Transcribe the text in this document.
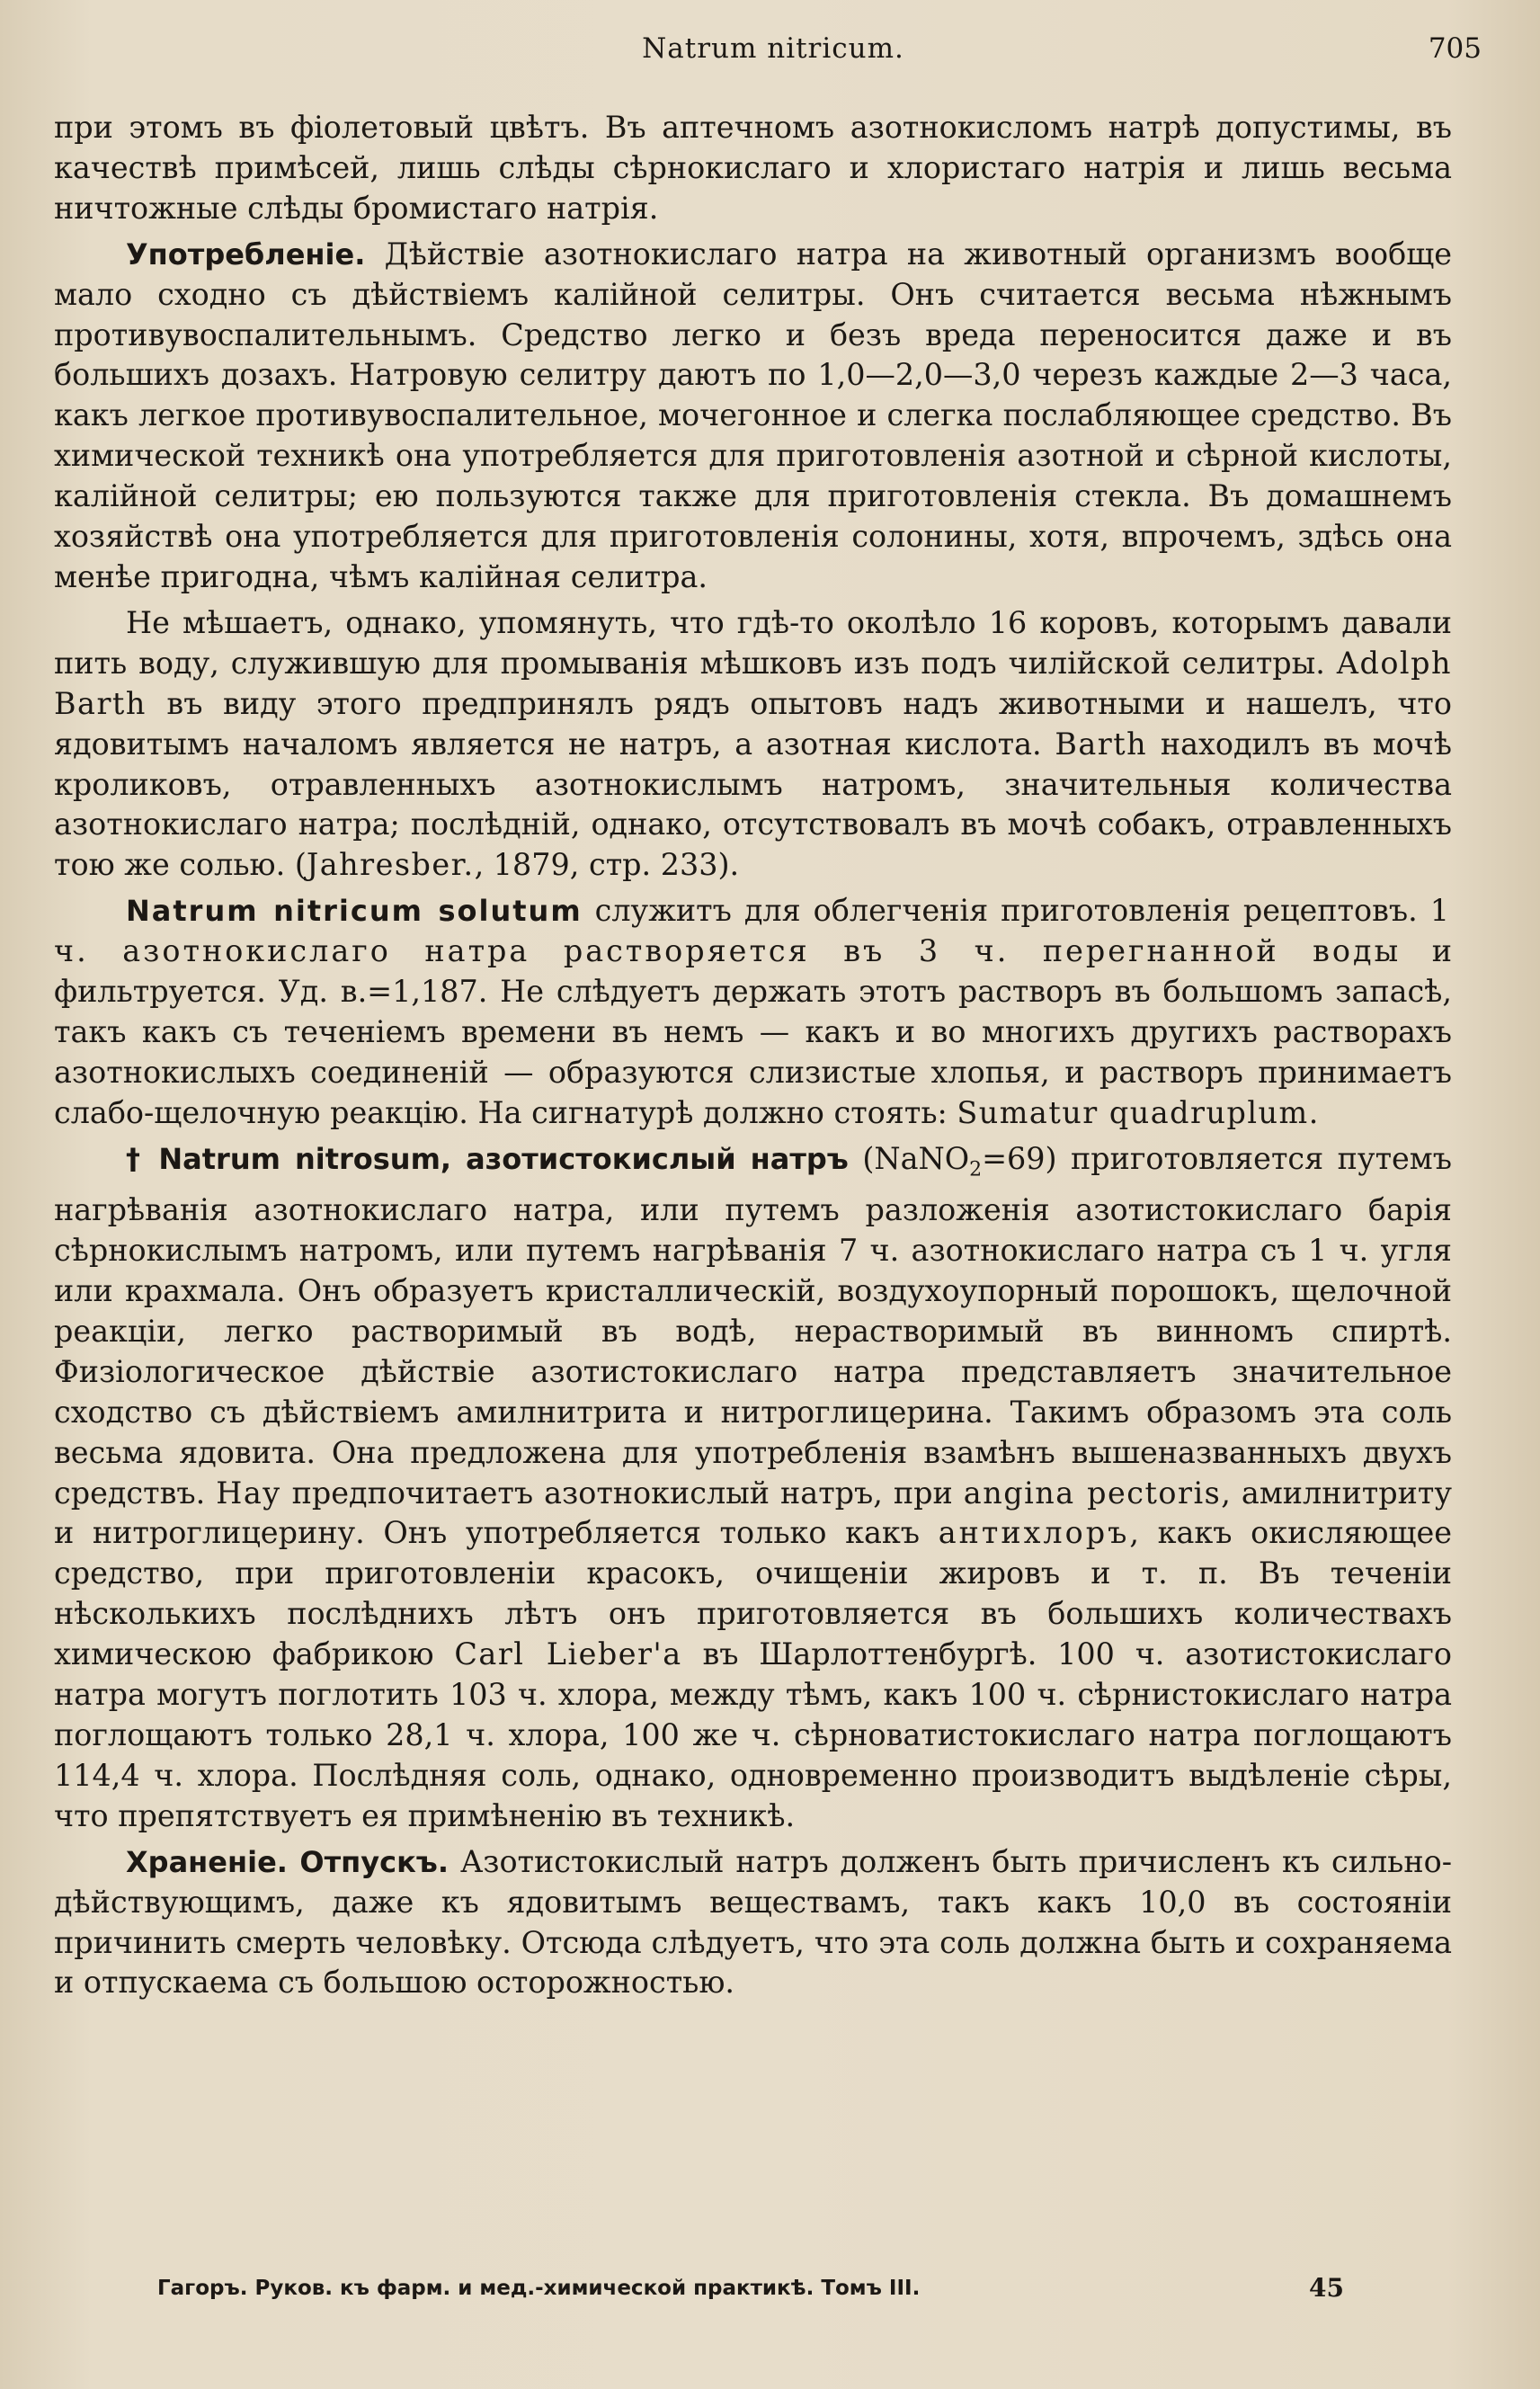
Natrum nitricum.	705

при этомъ въ фіолетовый цвѣтъ. Въ аптечномъ азотнокисломъ натрѣ допустимы, въ качествѣ примѣсей, лишь слѣды сѣрнокислаго и хлористаго натрія и лишь весьма ничтожные слѣды бромистаго натрія.

Употребленіе. Дѣйствіе азотнокислаго натра на животный организмъ вообще мало сходно съ дѣйствіемъ калійной селитры. Онъ считается весьма нѣжнымъ противувоспалительнымъ. Средство легко и безъ вреда переносится даже и въ большихъ дозахъ. Натровую селитру даютъ по 1,0—2,0—3,0 черезъ каждые 2—3 часа, какъ легкое противувоспалительное, мочегонное и слегка послабляющее средство. Въ химической техникѣ она употребляется для приготовленія азотной и сѣрной кислоты, калійной селитры; ею пользуются также для приготовленія стекла. Въ домашнемъ хозяйствѣ она употребляется для приготовленія солонины, хотя, впрочемъ, здѣсь она менѣе пригодна, чѣмъ калійная селитра.

Не мѣшаетъ, однако, упомянуть, что гдѣ-то околѣло 16 коровъ, которымъ давали пить воду, служившую для промыванія мѣшковъ изъ подъ чилійской селитры. Adolph Barth въ виду этого предпринялъ рядъ опытовъ надъ животными и нашелъ, что ядовитымъ началомъ является не натръ, а азотная кислота. Barth находилъ въ мочѣ кроликовъ, отравленныхъ азотнокислымъ натромъ, значительныя количества азотнокислаго натра; послѣдній, однако, отсутствовалъ въ мочѣ собакъ, отравленныхъ тою же солью. (Jahresber., 1879, стр. 233).

Natrum nitricum solutum служитъ для облегченія приготовленія рецептовъ. 1 ч. азотнокислаго натра растворяется въ 3 ч. перегнанной воды и фильтруется. Уд. в.=1,187. Не слѣдуетъ держать этотъ растворъ въ большомъ запасѣ, такъ какъ съ теченіемъ времени въ немъ — какъ и во многихъ другихъ растворахъ азотнокислыхъ соединеній — образуются слизистые хлопья, и растворъ принимаетъ слабо-щелочную реакцію. На сигнатурѣ должно стоять: Sumatur quadruplum.

† Natrum nitrosum, азотистокислый натръ (NaNO$_2$=69) приготовляется путемъ нагрѣванія азотнокислаго натра, или путемъ разложенія азотистокислаго барія сѣрнокислымъ натромъ, или путемъ нагрѣванія 7 ч. азотнокислаго натра съ 1 ч. угля или крахмала. Онъ образуетъ кристаллическій, воздухоупорный порошокъ, щелочной реакціи, легко растворимый въ водѣ, нерастворимый въ винномъ спиртѣ. Физіологическое дѣйствіе азотистокислаго натра представляетъ значительное сходство съ дѣйствіемъ амилнитрита и нитроглицерина. Такимъ образомъ эта соль весьма ядовита. Она предложена для употребленія взамѣнъ вышеназванныхъ двухъ средствъ. Hay предпочитаетъ азотнокислый натръ, при angina pectoris, амилнитриту и нитроглицерину. Онъ употребляется только какъ антихлоръ, какъ окисляющее средство, при приготовленіи красокъ, очищеніи жировъ и т. п. Въ теченіи нѣсколькихъ послѣднихъ лѣтъ онъ приготовляется въ большихъ количествахъ химическою фабрикою Carl Lieber'а въ Шарлоттенбургѣ. 100 ч. азотистокислаго натра могутъ поглотить 103 ч. хлора, между тѣмъ, какъ 100 ч. сѣрнистокислаго натра поглощаютъ только 28,1 ч. хлора, 100 же ч. сѣрноватистокислаго натра поглощаютъ 114,4 ч. хлора. Послѣдняя соль, однако, одновременно производитъ выдѣленіе сѣры, что препятствуетъ ея примѣненію въ техникѣ.

Храненіе. Отпускъ. Азотистокислый натръ долженъ быть причисленъ къ сильно-дѣйствующимъ, даже къ ядовитымъ веществамъ, такъ какъ 10,0 въ состояніи причинить смерть человѣку. Отсюда слѣдуетъ, что эта соль должна быть и сохраняема и отпускаема съ большою осторожностью.

Гагоръ. Руков. къ фарм. и мед.-химической практикѣ. Томъ III.	45
